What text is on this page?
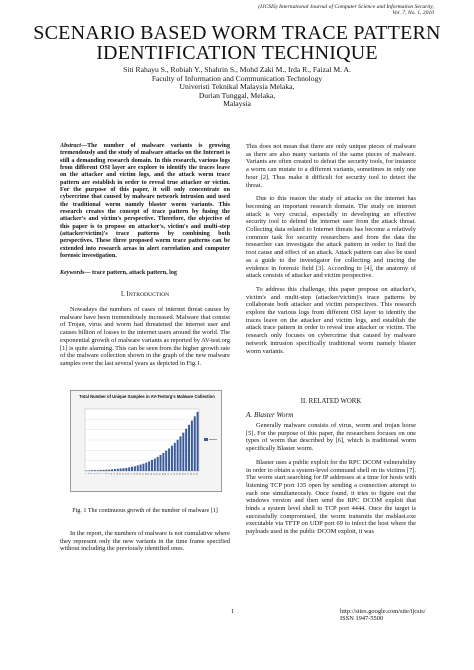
(IJCSIS) International Journal of Computer Science and Information Security,
Vol. 7, No. 1, 2010
SCENARIO BASED WORM TRACE PATTERN
IDENTIFICATION TECHNIQUE
Siti Rahayu S., Robiah Y., Shahrin S., Mohd Zaki M., Irda R., Faizal M. A.
Faculty of Information and Communication Technology
Univeristi Teknikal Malaysia Melaka,
Durian Tunggal, Melaka,
Malaysia
Abstract—The number of malware variants is growing tremendously and the study of malware attacks on the Internet is still a demanding research domain. In this research, various logs from different OSI layer are explore to identify the traces leave on the attacker and victim logs, and the attack worm trace pattern are establish in order to reveal true attacker or victim. For the purpose of this paper, it will only concentrate on cybercrime that caused by malware network intrusion and used the traditional worm namely blaster worm variants. This research creates the concept of trace pattern by fusing the attacker's and victim's perspective. Therefore, the objective of this paper is to propose on attacker's, victim's and multi-step (attacker/victim)'s trace patterns by combining both perspectives. These three proposed worm trace patterns can be extended into research areas in alert correlation and computer forensic investigation.
Keywords— trace pattern, attack pattern, log
I. INTRODUCTION

Nowadays the numbers of cases of internet threat causes by malware have been tremendously increased. Malware that consist of Trojan, virus and worm had threatened the internet user and causes billion of losses to the internet users around the world. The exponential growth of malware variants as reported by AV-test.org [1] is quite alarming. This can be seen from the higher growth rate of the malware collection shown in the graph of the new malware samples over the last several years as depicted in Fig.1.

1 2 3 4 5 6 7 8 9 10 11 12 13 14 15 16 17 18 19 20 21 22 23 24 25 26 27 28 29 30 31 32 33 34 35 36 37 38 39 40
Total Number of Unique Samples in AV-Testorg's Malware Collection
Fig. 1 The continuous growth of the number of malware [1]

In the report, the numbers of malware is not cumulative where they represent only the new variants in the time frame specified without including the previously identified ones.

This does not mean that there are only unique pieces of malware as there are also many variants of the same pieces of malware. Variants are often created to defeat the security tools, for instance a worm can mutate to a different variants, sometimes in only one hour [2]. Thus make it difficult for security tool to detect the threat.

Due to this reason the study of attacks on the internet has becoming an important research domain. The study on internet attack is very crucial, especially in developing an effective security tool to defend the internet user from the attack threat. Collecting data related to Internet threats has become a relatively common task for security researchers and from the data the researcher can investigate the attack pattern in order to find the root cause and effect of an attack. Attack pattern can also be used as a guide to the investigator for collecting and tracing the evidence in forensic field [3]. According to [4], the anatomy of attack consists of attacker and victim perspective.

To address this challenge, this paper propose on attacker's, victim's and multi-step (attacker/victim)'s trace patterns by collaborate both attacker and victim perspectives. This research explore the various logs from different OSI layer to identify the traces leave on the attacker and victim logs, and establish the attack trace pattern in order to reveal true attacker or victim. The research only focuses on cybercrime that caused by malware network intrusion specifically traditional worm namely blaster worm variants.

II. RELATED WORK
A. Blaster Worm

Generally malware consists of virus, worm and trojan horse [5]. For the purpose of this paper, the researchers focuses on one types of worm that described by [6], which is traditional worm specifically Blaster worm.

Blaster uses a public exploit for the RPC DCOM vulnerability in order to obtain a system-level command shell on its victims [7]. The worm start searching for IP addresses at a time for hosts with listening TCP port 135 open by sending a connection attempt to each one simultaneously. Once found, it tries to figure out the windows version and then send the RPC DCOM exploit that binds a system level shell to TCP port 4444. Once the target is successfully compromised, the worm transmits the msblast.exe executable via TFTP on UDP port 69 to infect the host where the payloads used in the public DCOM exploit, it was

1	http://sites.google.com/site/ijcsis/
ISSN 1947-5500
